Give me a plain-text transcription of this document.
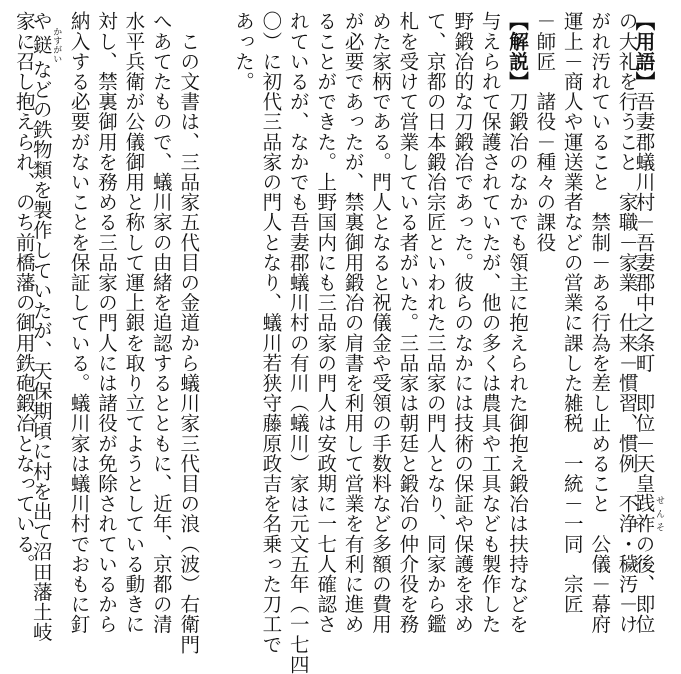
【用語】吾妻郡蟻川村－吾妻郡中之条町　即位－天皇践祚せんその後、即位
の大礼を行うこと　家職－家業　仕来－慣習、慣例　不浄・穢汚－け
がれ汚れていること　禁制－ある行為を差し止めること　公儀－幕府
運上－商人や運送業者などの営業に課した雑税　一統－一同　宗匠
－師匠　諸役－種々の課役
【解説】刀鍛冶のなかでも領主に抱えられた御抱え鍛冶は扶持などを
与えられて保護されていたが、他の多くは農具や工具なども製作した
野鍛冶的な刀鍛冶であった。彼らのなかには技術の保証や保護を求め
て、京都の日本鍛冶宗匠といわれた三品家の門人となり、同家から鑑
札を受けて営業している者がいた。三品家は朝廷と鍛冶の仲介役を務
めた家柄である。門人となると祝儀金や受領の手数料など多額の費用
が必要であったが、禁裏御用鍛冶の肩書を利用して営業を有利に進め
ることができた。上野国内にも三品家の門人は安政期に一七人確認さ
れているが、なかでも吾妻郡蟻川村の有川（蟻川）家は元文五年（一七四
〇）に初代三品家の門人となり、蟻川若狭守藤原政吉を名乗った刀工で
あった。
　この文書は、三品家五代目の金道から蟻川家三代目の浪（波）右衛門
へあてたもので、蟻川家の由緒を追認するとともに、近年、京都の清
水平兵衛が公儀御用と称して運上銀を取り立てようとしている動きに
対し、禁裏御用を務める三品家の門人には諸役が免除されているから
納入する必要がないことを保証している。蟻川家は蟻川村でおもに釘
や鎹かすがいなどの鉄物類を製作していたが、天保期頃に村を出て沼田藩土岐
家に召し抱えられ、のち前橋藩の御用鉄砲鍛冶となっている。
